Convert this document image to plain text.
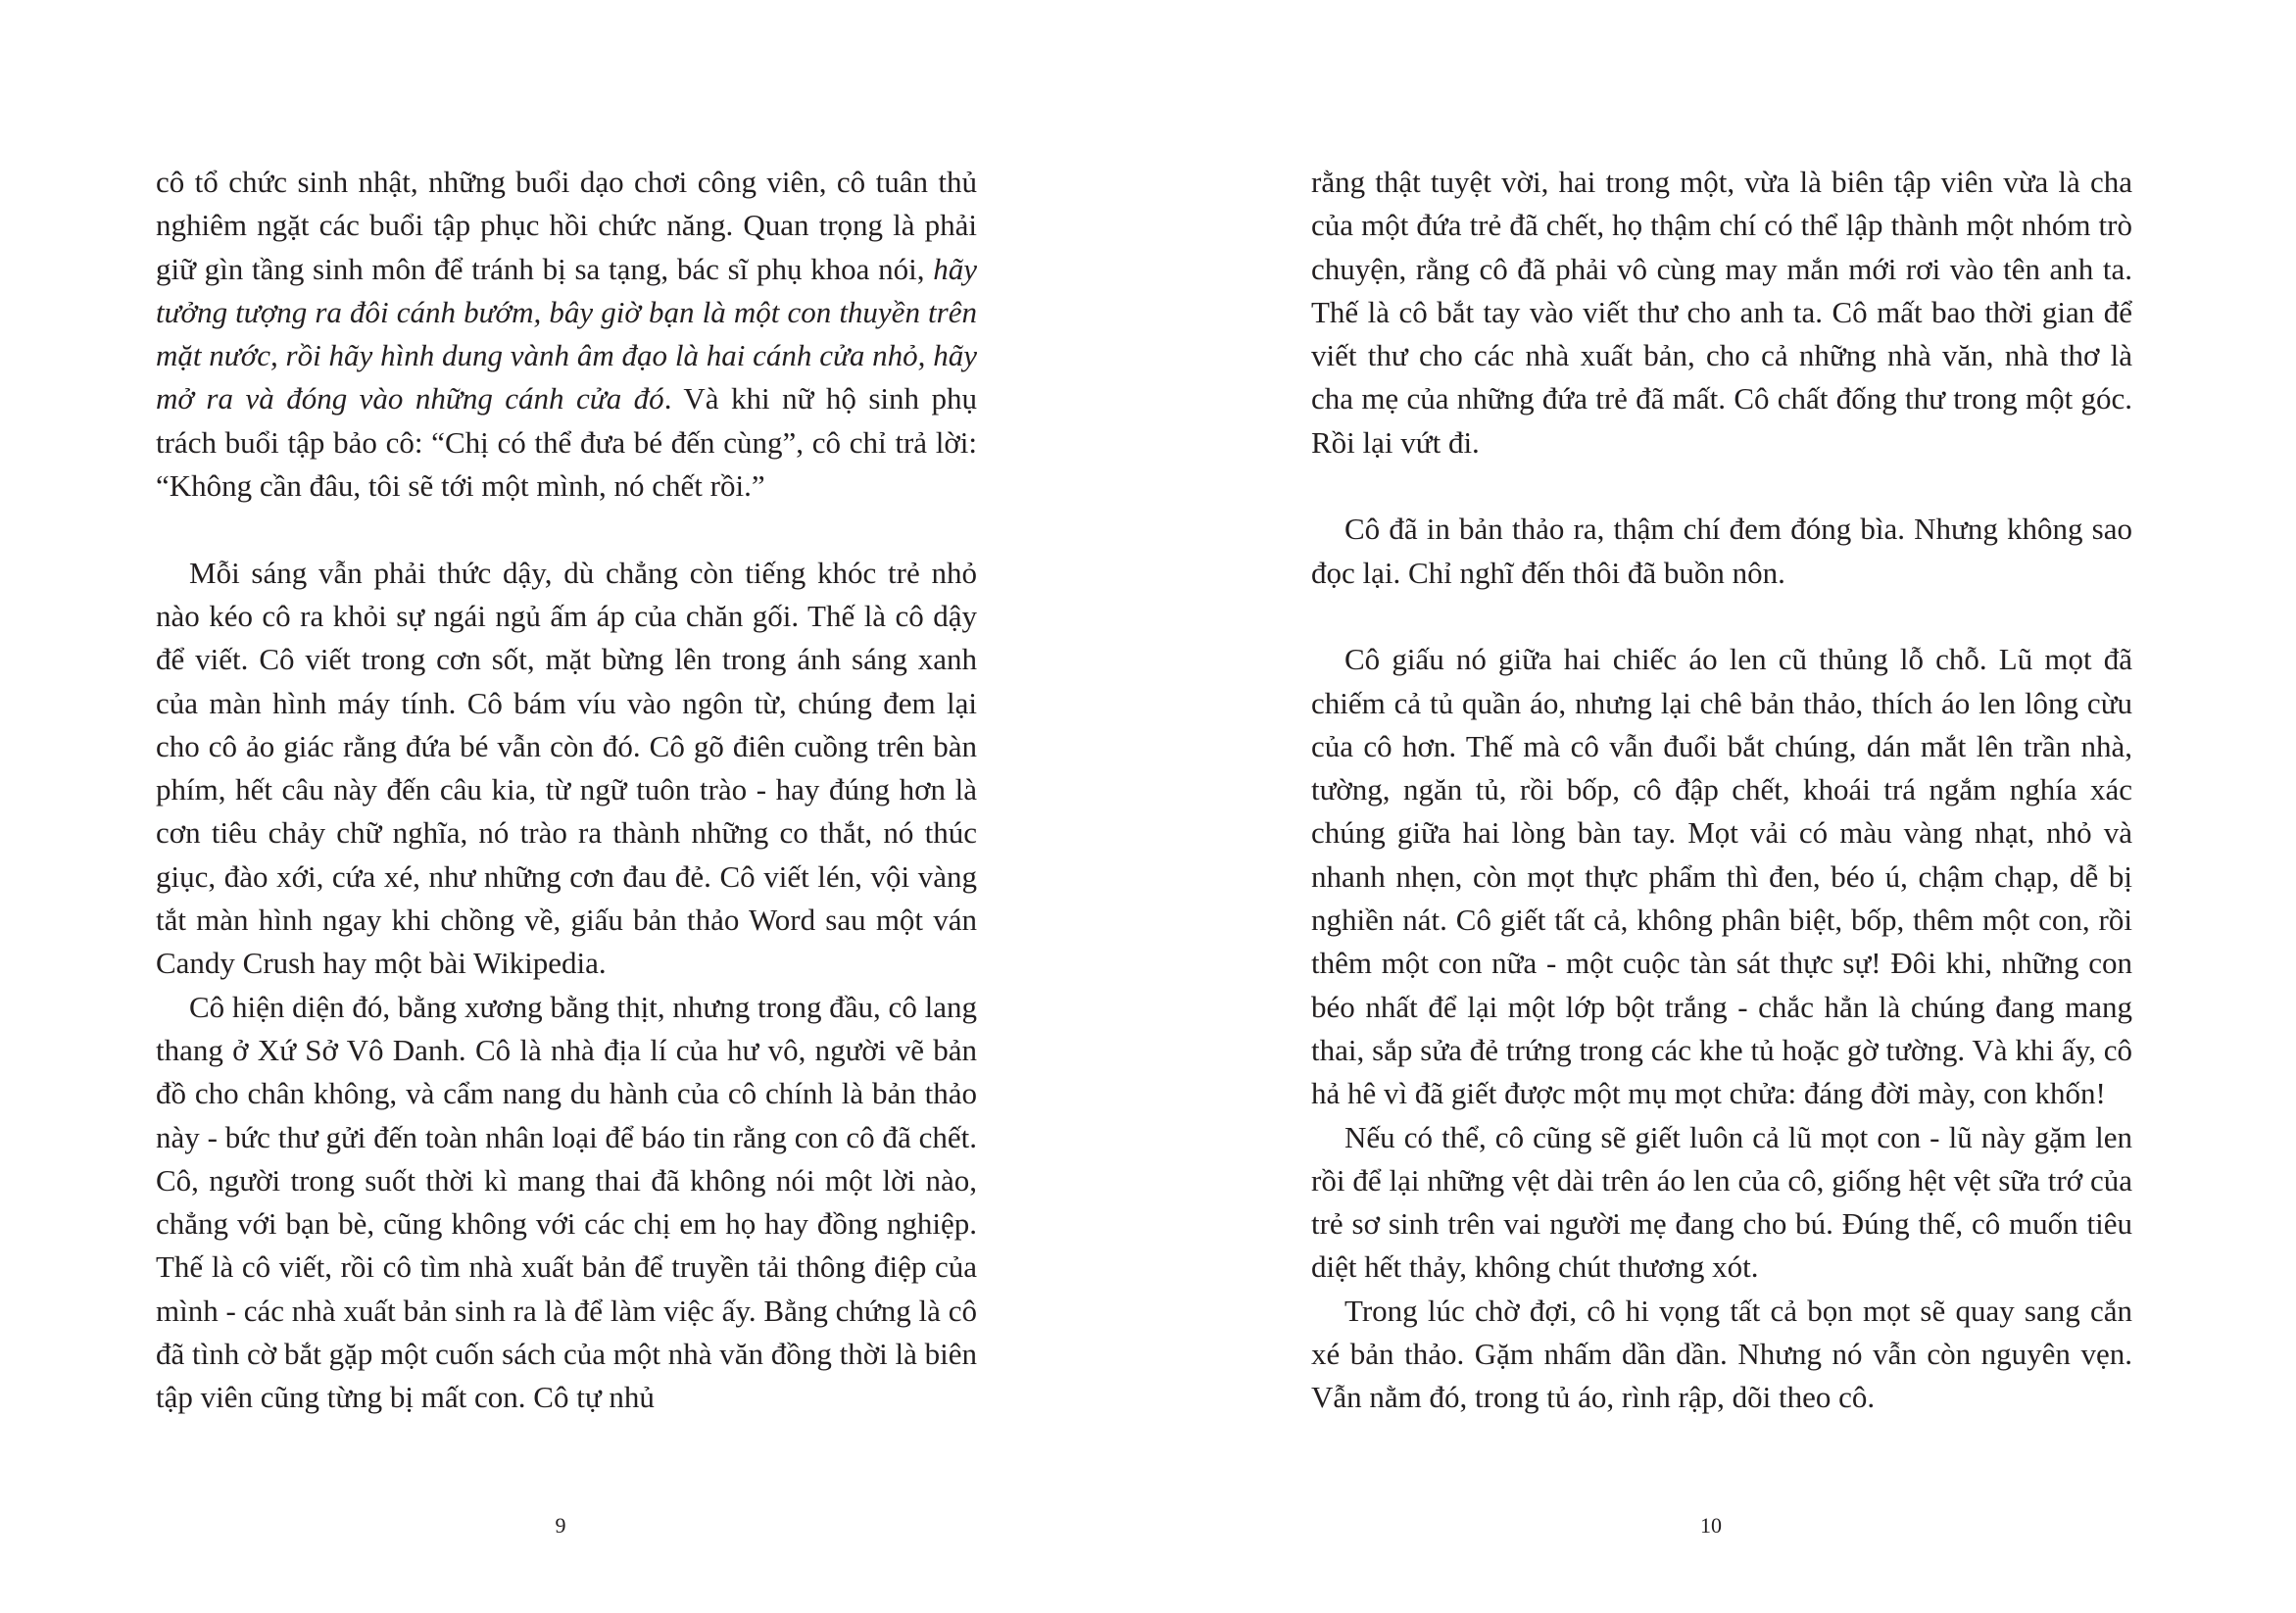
cô tổ chức sinh nhật, những buổi dạo chơi công viên, cô tuân thủ nghiêm ngặt các buổi tập phục hồi chức năng. Quan trọng là phải giữ gìn tầng sinh môn để tránh bị sa tạng, bác sĩ phụ khoa nói, hãy tưởng tượng ra đôi cánh bướm, bây giờ bạn là một con thuyền trên mặt nước, rồi hãy hình dung vành âm đạo là hai cánh cửa nhỏ, hãy mở ra và đóng vào những cánh cửa đó. Và khi nữ hộ sinh phụ trách buổi tập bảo cô: “Chị có thể đưa bé đến cùng”, cô chỉ trả lời: “Không cần đâu, tôi sẽ tới một mình, nó chết rồi.”

Mỗi sáng vẫn phải thức dậy, dù chẳng còn tiếng khóc trẻ nhỏ nào kéo cô ra khỏi sự ngái ngủ ấm áp của chăn gối. Thế là cô dậy để viết. Cô viết trong cơn sốt, mặt bừng lên trong ánh sáng xanh của màn hình máy tính. Cô bám víu vào ngôn từ, chúng đem lại cho cô ảo giác rằng đứa bé vẫn còn đó. Cô gõ điên cuồng trên bàn phím, hết câu này đến câu kia, từ ngữ tuôn trào - hay đúng hơn là cơn tiêu chảy chữ nghĩa, nó trào ra thành những co thắt, nó thúc giục, đào xới, cứa xé, như những cơn đau đẻ. Cô viết lén, vội vàng tắt màn hình ngay khi chồng về, giấu bản thảo Word sau một ván Candy Crush hay một bài Wikipedia.

Cô hiện diện đó, bằng xương bằng thịt, nhưng trong đầu, cô lang thang ở Xứ Sở Vô Danh. Cô là nhà địa lí của hư vô, người vẽ bản đồ cho chân không, và cẩm nang du hành của cô chính là bản thảo này - bức thư gửi đến toàn nhân loại để báo tin rằng con cô đã chết. Cô, người trong suốt thời kì mang thai đã không nói một lời nào, chẳng với bạn bè, cũng không với các chị em họ hay đồng nghiệp. Thế là cô viết, rồi cô tìm nhà xuất bản để truyền tải thông điệp của mình - các nhà xuất bản sinh ra là để làm việc ấy. Bằng chứng là cô đã tình cờ bắt gặp một cuốn sách của một nhà văn đồng thời là biên tập viên cũng từng bị mất con. Cô tự nhủ

9

rằng thật tuyệt vời, hai trong một, vừa là biên tập viên vừa là cha của một đứa trẻ đã chết, họ thậm chí có thể lập thành một nhóm trò chuyện, rằng cô đã phải vô cùng may mắn mới rơi vào tên anh ta. Thế là cô bắt tay vào viết thư cho anh ta. Cô mất bao thời gian để viết thư cho các nhà xuất bản, cho cả những nhà văn, nhà thơ là cha mẹ của những đứa trẻ đã mất. Cô chất đống thư trong một góc. Rồi lại vứt đi.

Cô đã in bản thảo ra, thậm chí đem đóng bìa. Nhưng không sao đọc lại. Chỉ nghĩ đến thôi đã buồn nôn.

Cô giấu nó giữa hai chiếc áo len cũ thủng lỗ chỗ. Lũ mọt đã chiếm cả tủ quần áo, nhưng lại chê bản thảo, thích áo len lông cừu của cô hơn. Thế mà cô vẫn đuổi bắt chúng, dán mắt lên trần nhà, tường, ngăn tủ, rồi bốp, cô đập chết, khoái trá ngắm nghía xác chúng giữa hai lòng bàn tay. Mọt vải có màu vàng nhạt, nhỏ và nhanh nhẹn, còn mọt thực phẩm thì đen, béo ú, chậm chạp, dễ bị nghiền nát. Cô giết tất cả, không phân biệt, bốp, thêm một con, rồi thêm một con nữa - một cuộc tàn sát thực sự! Đôi khi, những con béo nhất để lại một lớp bột trắng - chắc hẳn là chúng đang mang thai, sắp sửa đẻ trứng trong các khe tủ hoặc gờ tường. Và khi ấy, cô hả hê vì đã giết được một mụ mọt chửa: đáng đời mày, con khốn!

Nếu có thể, cô cũng sẽ giết luôn cả lũ mọt con - lũ này gặm len rồi để lại những vệt dài trên áo len của cô, giống hệt vệt sữa trớ của trẻ sơ sinh trên vai người mẹ đang cho bú. Đúng thế, cô muốn tiêu diệt hết thảy, không chút thương xót.

Trong lúc chờ đợi, cô hi vọng tất cả bọn mọt sẽ quay sang cắn xé bản thảo. Gặm nhấm dần dần. Nhưng nó vẫn còn nguyên vẹn. Vẫn nằm đó, trong tủ áo, rình rập, dõi theo cô.

10
